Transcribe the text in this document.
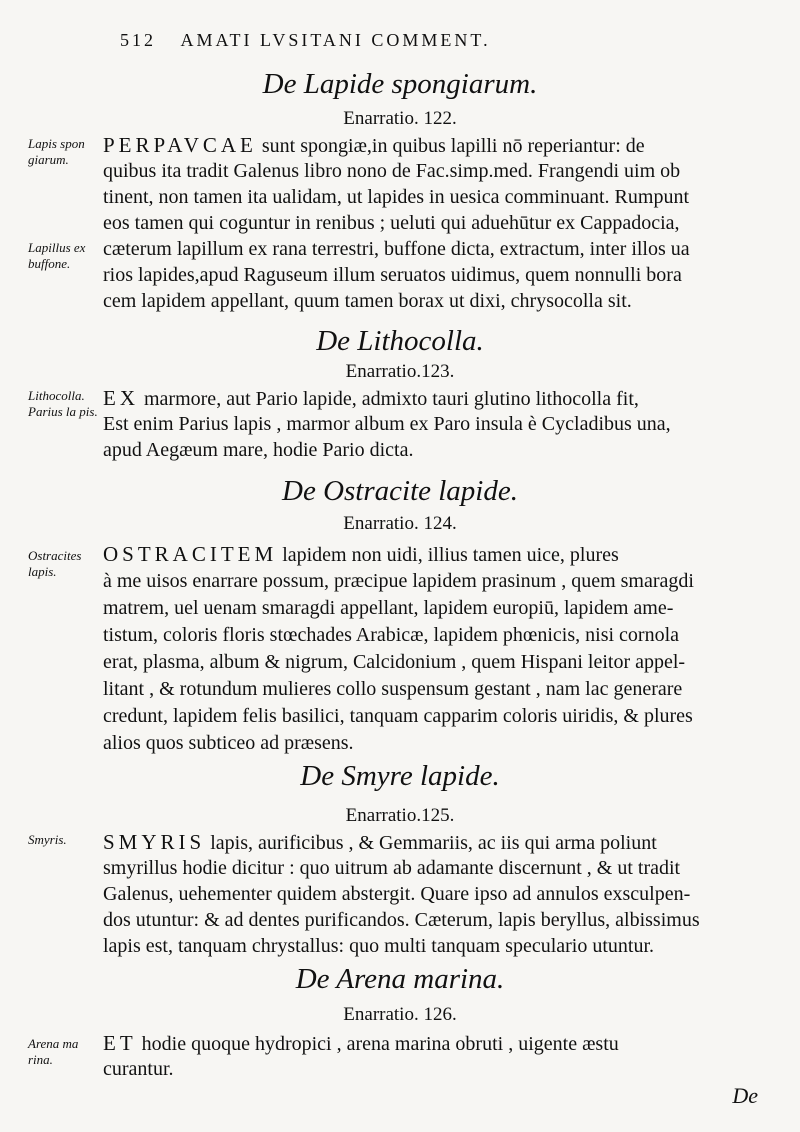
512 AMATI LVSITANI COMMENT.
De Lapide spongiarum.
Enarratio. 122.
PERPAVCAE sunt spongiæ,in quibus lapilli nō reperiantur: de
quibus ita tradit Galenus libro nono de Fac.simp.med. Frangendi uim ob
tinent, non tamen ita ualidam, ut lapides in uesica comminuant. Rumpunt
eos tamen qui coguntur in renibus ; ueluti qui aduehūtur ex Cappadocia,
cæterum lapillum ex rana terrestri, buffone dicta, extractum, inter illos ua
rios lapides,apud Raguseum illum seruatos uidimus, quem nonnulli bora
cem lapidem appellant, quum tamen borax ut dixi, chrysocolla sit.
Lapis spon giarum.
Lapillus ex buffone.
De Lithocolla.
Enarratio.123.
EX marmore, aut Pario lapide, admixto tauri glutino lithocolla fit,
Est enim Parius lapis , marmor album ex Paro insula è Cycladibus una,
apud Aegæum mare, hodie Pario dicta.
Lithocolla. Parius la pis.
De Ostracite lapide.
Enarratio. 124.
OSTRACITEM lapidem non uidi, illius tamen uice, plures
à me uisos enarrare possum, præcipue lapidem prasinum , quem smaragdi
matrem, uel uenam smaragdi appellant, lapidem europiū, lapidem ame-
tistum, coloris floris stœchades Arabicæ, lapidem phœnicis, nisi cornola
erat, plasma, album & nigrum, Calcidonium , quem Hispani leitor appel-
litant , & rotundum mulieres collo suspensum gestant , nam lac generare
credunt, lapidem felis basilici, tanquam capparim coloris uiridis, & plures
alios quos subticeo ad præsens.
Ostracites lapis.
De Smyre lapide.
Enarratio.125.
SMYRIS lapis, aurificibus , & Gemmariis, ac iis qui arma poliunt
smyrillus hodie dicitur : quo uitrum ab adamante discernunt , & ut tradit
Galenus, uehementer quidem abstergit. Quare ipso ad annulos exsculpen-
dos utuntur: & ad dentes purificandos. Cæterum, lapis beryllus, albissimus
lapis est, tanquam chrystallus: quo multi tanquam speculario utuntur.
Smyris.
De Arena marina.
Enarratio. 126.
ET hodie quoque hydropici , arena marina obruti , uigente æstu
curantur.
Arena ma rina.
De
